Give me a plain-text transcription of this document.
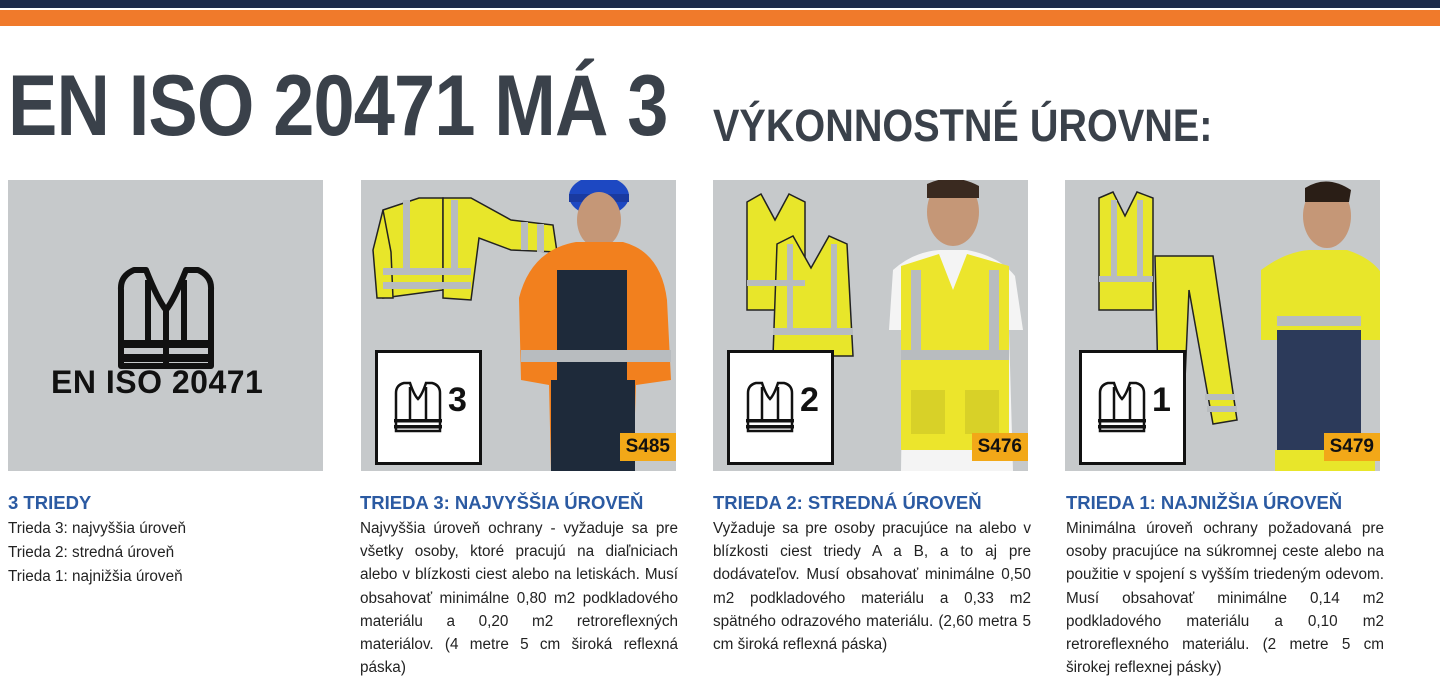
EN ISO 20471 MÁ 3 VÝKONNOSTNÉ ÚROVNE:
EN ISO 20471	3
S485
2
S476
1
S479

3 TRIEDY

Trieda 3: najvyššia úroveň

Trieda 2: stredná úroveň

Trieda 1: najnižšia úroveň

TRIEDA 3: NAJVYŠŠIA ÚROVEŇ

Najvyššia úroveň ochrany - vyžaduje sa pre všetky osoby, ktoré pracujú na diaľniciach alebo v blízkosti ciest alebo na letiskách. Musí obsahovať minimálne 0,80 m2 podkladového materiálu a 0,20 m2 retroreflexných materiálov. (4 metre 5 cm široká reflexná páska)

TRIEDA 2: STREDNÁ ÚROVEŇ

Vyžaduje sa pre osoby pracujúce na alebo v blízkosti ciest triedy A a B, a to aj pre dodávateľov. Musí obsahovať minimálne 0,50 m2 podkladového materiálu a 0,33 m2 spätného odrazového materiálu. (2,60 metra 5 cm široká reflexná páska)

TRIEDA 1: NAJNIŽŠIA ÚROVEŇ

Minimálna úroveň ochrany požadovaná pre osoby pracujúce na súkromnej ceste alebo na použitie v spojení s vyšším triedeným odevom. Musí obsahovať minimálne 0,14 m2 podkladového materiálu a 0,10 m2 retroreflexného materiálu. (2 metre 5 cm širokej reflexnej pásky)
